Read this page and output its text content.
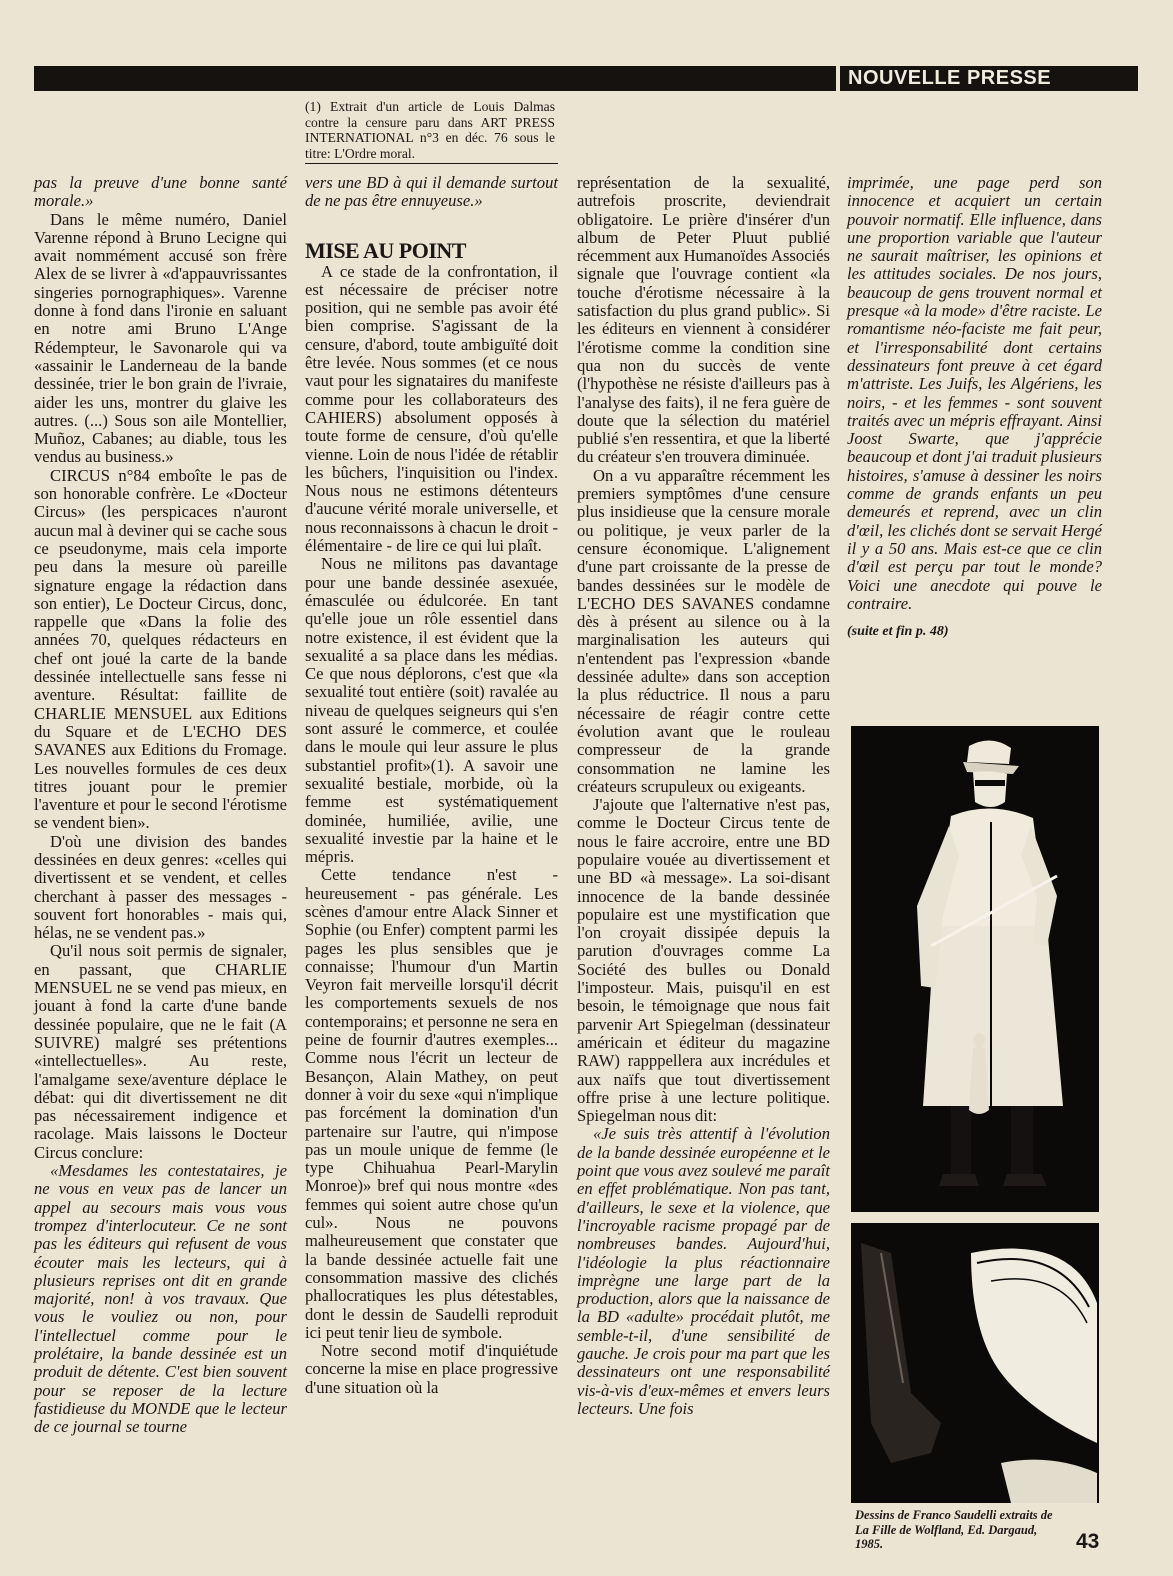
NOUVELLE PRESSE
(1) Extrait d'un article de Louis Dalmas contre la censure paru dans ART PRESS INTERNATIONAL n°3 en déc. 76 sous le titre: L'Ordre moral.

pas la preuve d'une bonne santé morale.»

Dans le même numéro, Daniel Varenne répond à Bruno Lecigne qui avait nommément accusé son frère Alex de se livrer à «d'appauvrissantes singeries pornographiques». Varenne donne à fond dans l'ironie en saluant en notre ami Bruno L'Ange Rédempteur, le Savonarole qui va «assainir le Landerneau de la bande dessinée, trier le bon grain de l'ivraie, aider les uns, montrer du glaive les autres. (...) Sous son aile Montellier, Muñoz, Cabanes; au diable, tous les vendus au business.»

CIRCUS n°84 emboîte le pas de son honorable confrère. Le «Docteur Circus» (les perspicaces n'auront aucun mal à deviner qui se cache sous ce pseudonyme, mais cela importe peu dans la mesure où pareille signature engage la rédaction dans son entier), Le Docteur Circus, donc, rappelle que «Dans la folie des années 70, quelques rédacteurs en chef ont joué la carte de la bande dessinée intellectuelle sans fesse ni aventure. Résultat: faillite de CHARLIE MENSUEL aux Editions du Square et de L'ECHO DES SAVANES aux Editions du Fromage. Les nouvelles formules de ces deux titres jouant pour le premier l'aventure et pour le second l'érotisme se vendent bien».

D'où une division des bandes dessinées en deux genres: «celles qui divertissent et se vendent, et celles cherchant à passer des messages - souvent fort honorables - mais qui, hélas, ne se vendent pas.»

Qu'il nous soit permis de signaler, en passant, que CHARLIE MENSUEL ne se vend pas mieux, en jouant à fond la carte d'une bande dessinée populaire, que ne le fait (A SUIVRE) malgré ses prétentions «intellectuelles». Au reste, l'amalgame sexe/aventure déplace le débat: qui dit divertissement ne dit pas nécessairement indigence et racolage. Mais laissons le Docteur Circus conclure:

«Mesdames les contestataires, je ne vous en veux pas de lancer un appel au secours mais vous vous trompez d'interlocuteur. Ce ne sont pas les éditeurs qui refusent de vous écouter mais les lecteurs, qui à plusieurs reprises ont dit en grande majorité, non! à vos travaux. Que vous le vouliez ou non, pour l'intellectuel comme pour le prolétaire, la bande dessinée est un produit de détente. C'est bien souvent pour se reposer de la lecture fastidieuse du MONDE que le lecteur de ce journal se tourne

vers une BD à qui il demande surtout de ne pas être ennuyeuse.»

MISE AU POINT

A ce stade de la confrontation, il est nécessaire de préciser notre position, qui ne semble pas avoir été bien comprise. S'agissant de la censure, d'abord, toute ambiguïté doit être levée. Nous sommes (et ce nous vaut pour les signataires du manifeste comme pour les collaborateurs des CAHIERS) absolument opposés à toute forme de censure, d'où qu'elle vienne. Loin de nous l'idée de rétablir les bûchers, l'inquisition ou l'index. Nous nous ne estimons détenteurs d'aucune vérité morale universelle, et nous reconnaissons à chacun le droit - élémentaire - de lire ce qui lui plaît.

Nous ne militons pas davantage pour une bande dessinée asexuée, émasculée ou édulcorée. En tant qu'elle joue un rôle essentiel dans notre existence, il est évident que la sexualité a sa place dans les médias. Ce que nous déplorons, c'est que «la sexualité tout entière (soit) ravalée au niveau de quelques seigneurs qui s'en sont assuré le commerce, et coulée dans le moule qui leur assure le plus substantiel profit»(1). A savoir une sexualité bestiale, morbide, où la femme est systématiquement dominée, humiliée, avilie, une sexualité investie par la haine et le mépris.

Cette tendance n'est - heureusement - pas générale. Les scènes d'amour entre Alack Sinner et Sophie (ou Enfer) comptent parmi les pages les plus sensibles que je connaisse; l'humour d'un Martin Veyron fait merveille lorsqu'il décrit les comportements sexuels de nos contemporains; et personne ne sera en peine de fournir d'autres exemples... Comme nous l'écrit un lecteur de Besançon, Alain Mathey, on peut donner à voir du sexe «qui n'implique pas forcément la domination d'un partenaire sur l'autre, qui n'impose pas un moule unique de femme (le type Chihuahua Pearl-Marylin Monroe)» bref qui nous montre «des femmes qui soient autre chose qu'un cul». Nous ne pouvons malheureusement que constater que la bande dessinée actuelle fait une consommation massive des clichés phallocratiques les plus détestables, dont le dessin de Saudelli reproduit ici peut tenir lieu de symbole.

Notre second motif d'inquiétude concerne la mise en place progressive d'une situation où la

représentation de la sexualité, autrefois proscrite, deviendrait obligatoire. Le prière d'insérer d'un album de Peter Pluut publié récemment aux Humanoïdes Associés signale que l'ouvrage contient «la touche d'érotisme nécessaire à la satisfaction du plus grand public». Si les éditeurs en viennent à considérer l'érotisme comme la condition sine qua non du succès de vente (l'hypothèse ne résiste d'ailleurs pas à l'analyse des faits), il ne fera guère de doute que la sélection du matériel publié s'en ressentira, et que la liberté du créateur s'en trouvera diminuée.

On a vu apparaître récemment les premiers symptômes d'une censure plus insidieuse que la censure morale ou politique, je veux parler de la censure économique. L'alignement d'une part croissante de la presse de bandes dessinées sur le modèle de L'ECHO DES SAVANES condamne dès à présent au silence ou à la marginalisation les auteurs qui n'entendent pas l'expression «bande dessinée adulte» dans son acception la plus réductrice. Il nous a paru nécessaire de réagir contre cette évolution avant que le rouleau compresseur de la grande consommation ne lamine les créateurs scrupuleux ou exigeants.

J'ajoute que l'alternative n'est pas, comme le Docteur Circus tente de nous le faire accroire, entre une BD populaire vouée au divertissement et une BD «à message». La soi-disant innocence de la bande dessinée populaire est une mystification que l'on croyait dissipée depuis la parution d'ouvrages comme La Société des bulles ou Donald l'imposteur. Mais, puisqu'il en est besoin, le témoignage que nous fait parvenir Art Spiegelman (dessinateur américain et éditeur du magazine RAW) rapppellera aux incrédules et aux naïfs que tout divertissement offre prise à une lecture politique. Spiegelman nous dit:

«Je suis très attentif à l'évolution de la bande dessinée européenne et le point que vous avez soulevé me paraît en effet problématique. Non pas tant, d'ailleurs, le sexe et la violence, que l'incroyable racisme propagé par de nombreuses bandes. Aujourd'hui, l'idéologie la plus réactionnaire imprègne une large part de la production, alors que la naissance de la BD «adulte» procédait plutôt, me semble-t-il, d'une sensibilité de gauche. Je crois pour ma part que les dessinateurs ont une responsabilité vis-à-vis d'eux-mêmes et envers leurs lecteurs. Une fois

imprimée, une page perd son innocence et acquiert un certain pouvoir normatif. Elle influence, dans une proportion variable que l'auteur ne saurait maîtriser, les opinions et les attitudes sociales. De nos jours, beaucoup de gens trouvent normal et presque «à la mode» d'être raciste. Le romantisme néo-faciste me fait peur, et l'irresponsabilité dont certains dessinateurs font preuve à cet égard m'attriste. Les Juifs, les Algériens, les noirs, - et les femmes - sont souvent traités avec un mépris effrayant. Ainsi Joost Swarte, que j'apprécie beaucoup et dont j'ai traduit plusieurs histoires, s'amuse à dessiner les noirs comme de grands enfants un peu demeurés et reprend, avec un clin d'œil, les clichés dont se servait Hergé il y a 50 ans. Mais est-ce que ce clin d'œil est perçu par tout le monde? Voici une anecdote qui pouve le contraire.

(suite et fin p. 48)

Dessins de Franco Saudelli extraits de La Fille de Wolfland, Ed. Dargaud, 1985.	43
